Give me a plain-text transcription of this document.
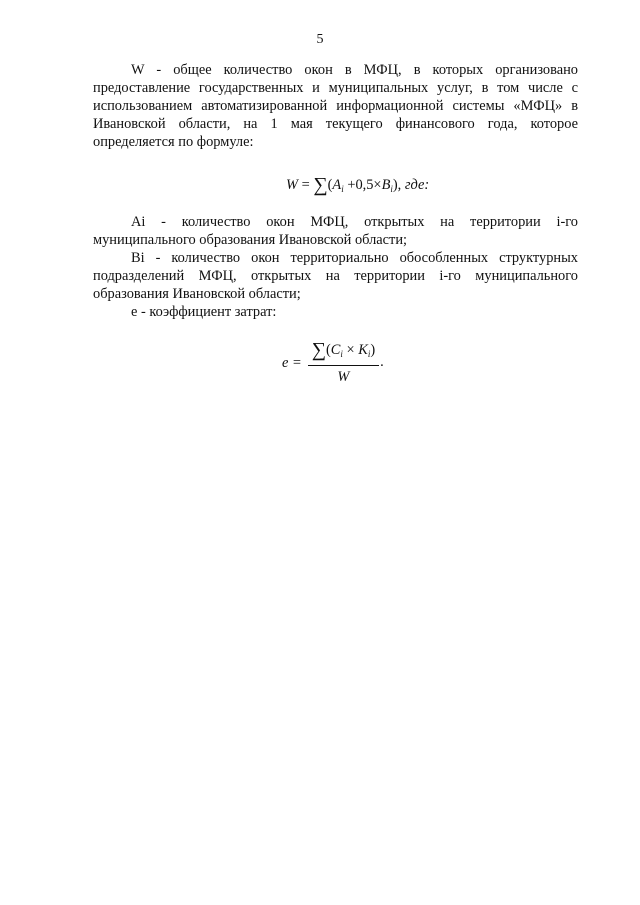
5

W - общее количество окон в МФЦ, в которых организовано предоставление государственных и муниципальных услуг, в том числе с использованием автоматизированной информационной системы «МФЦ» в Ивановской области, на 1 мая текущего финансового года, которое определяется по формуле:

$W = \sum(A_i +0,5\times B_i)$, где:

Ai - количество окон МФЦ, открытых на территории i-го муниципального образования Ивановской области;

Bi - количество окон территориально обособленных структурных подразделений МФЦ, открытых на территории i-го муниципального образования Ивановской области;

е - коэффициент затрат:

$е = \frac{\sum(C_i \times K_i)}{W}$ .
